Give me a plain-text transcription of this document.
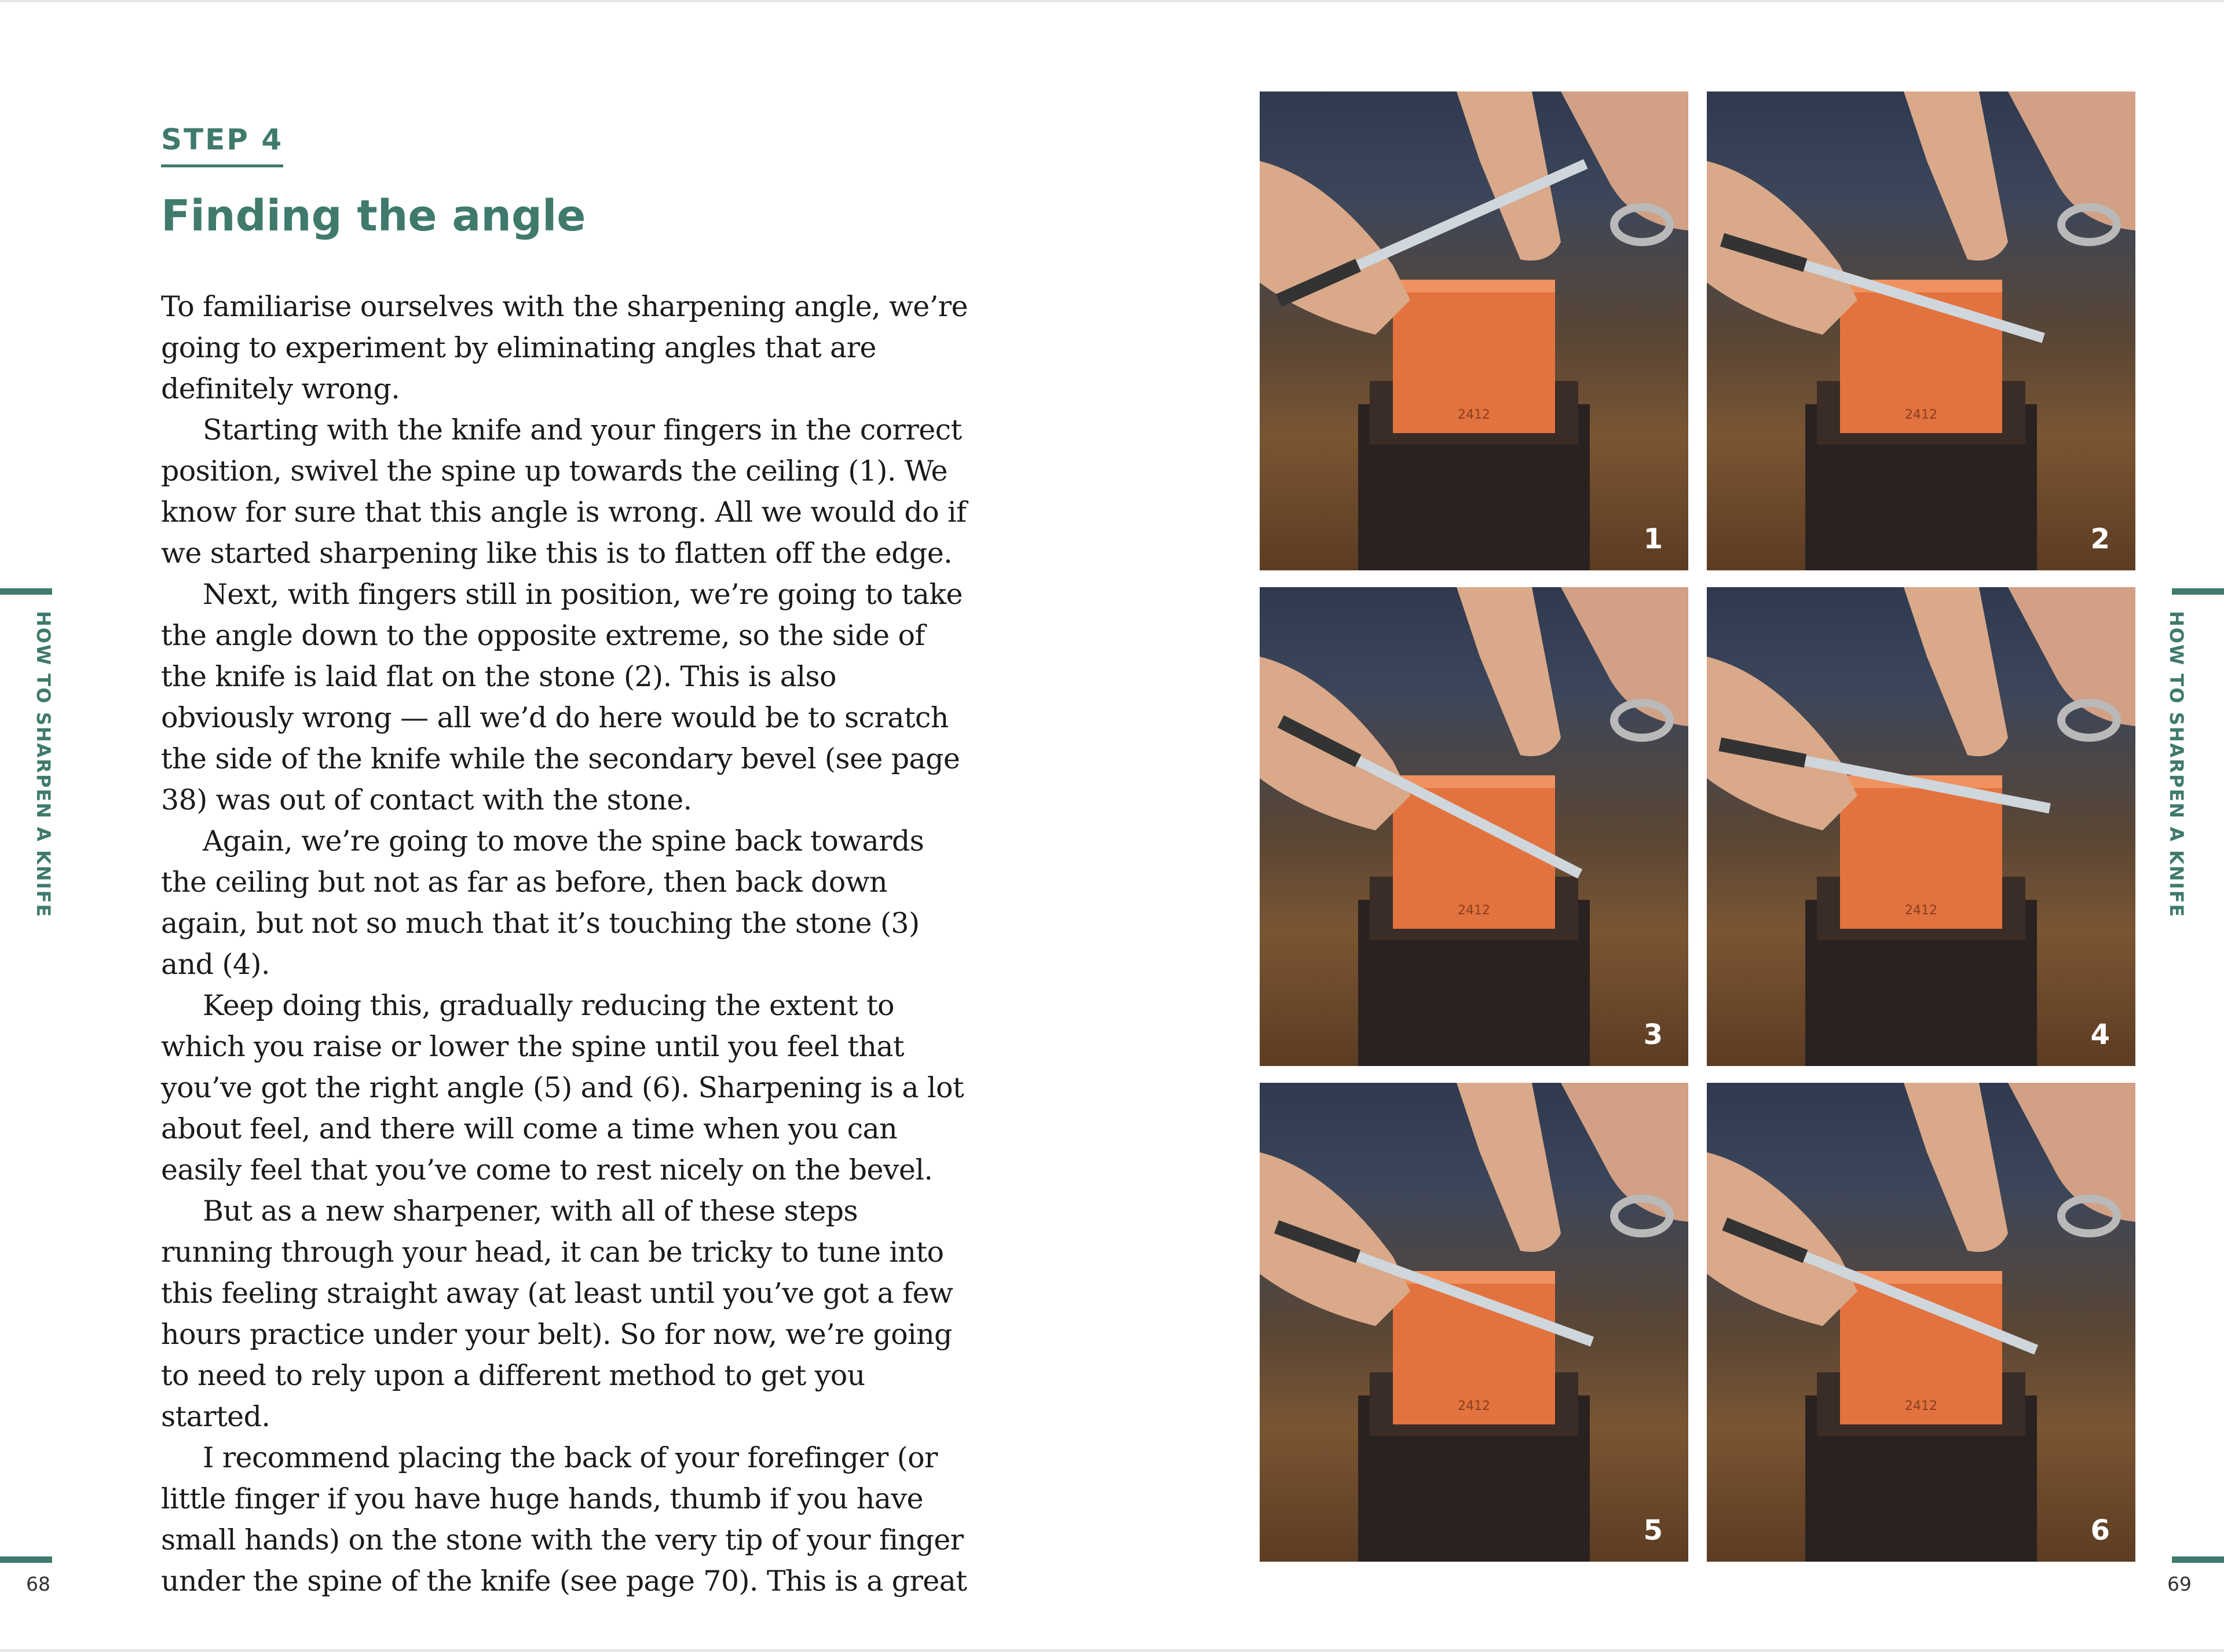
HOW TO SHARPEN A KNIFE
68
HOW TO SHARPEN A KNIFE
69
STEP 4
Finding the angle

To familiarise ourselves with the sharpening angle, we’re going to experiment by eliminating angles that are definitely wrong.

Starting with the knife and your fingers in the correct position, swivel the spine up towards the ceiling (1). We know for sure that this angle is wrong. All we would do if we started sharpening like this is to flatten off the edge.

Next, with fingers still in position, we’re going to take the angle down to the opposite extreme, so the side of the knife is laid flat on the stone (2). This is also obviously wrong — all we’d do here would be to scratch the side of the knife while the secondary bevel (see page 38) was out of contact with the stone.

Again, we’re going to move the spine back towards the ceiling but not as far as before, then back down again, but not so much that it’s touching the stone (3) and (4).

Keep doing this, gradually reducing the extent to which you raise or lower the spine until you feel that you’ve got the right angle (5) and (6). Sharpening is a lot about feel, and there will come a time when you can easily feel that you’ve come to rest nicely on the bevel.

But as a new sharpener, with all of these steps running through your head, it can be tricky to tune into this feeling straight away (at least until you’ve got a few hours practice under your belt). So for now, we’re going to need to rely upon a different method to get you started.

I recommend placing the back of your forefinger (or little finger if you have huge hands, thumb if you have small hands) on the stone with the very tip of your finger under the spine of the knife (see page 70). This is a great

2412
1
2412
2
2412
3
2412
4
2412
5
2412
6
